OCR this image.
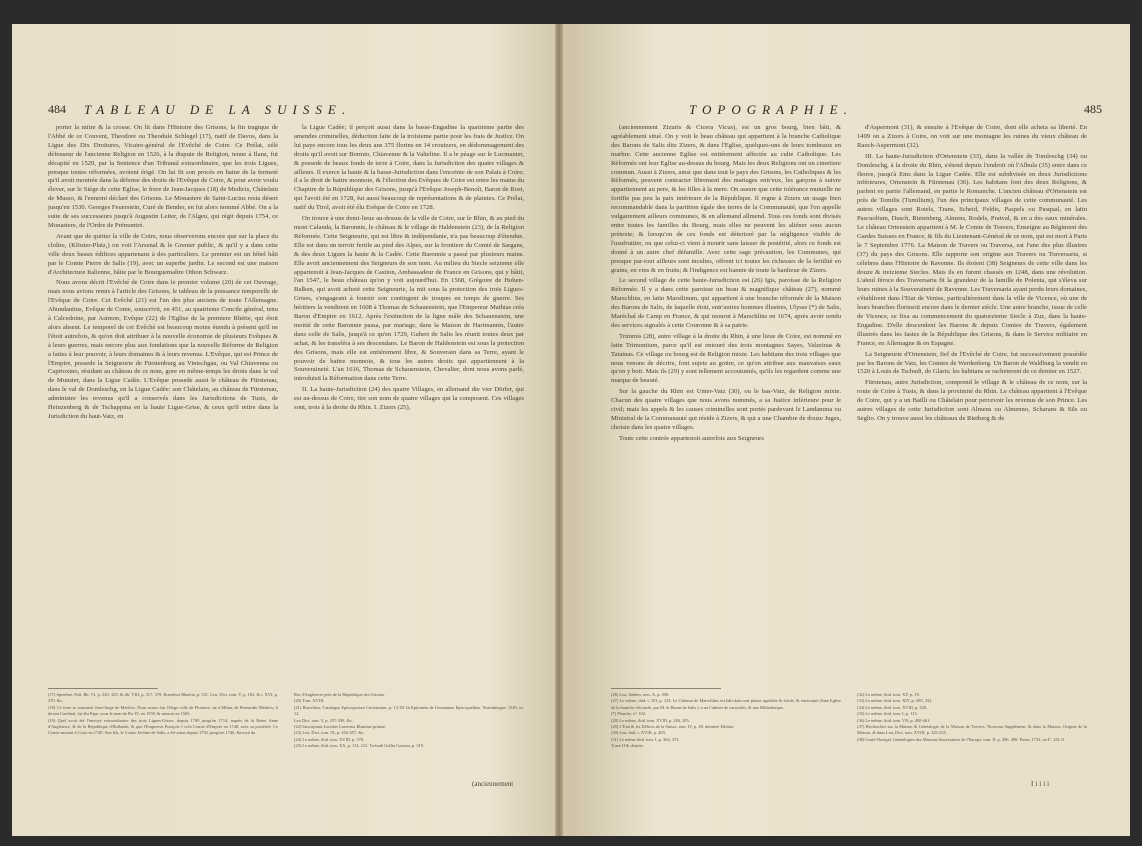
484 TABLEAU DE LA SUISSE.

porter la mitre & la crosse. On lit dans l'Histoire des Grisons, la fin tragique de l'Abbé de ce Couvent, Theodore ou Theodule Schlegel (17), natif de Davos, dans la Ligue des Dix Droitures, Vicaire-général de l'Evêché de Coire. Ce Prélat, zélé défenseur de l'ancienne Religion en 1526, à la dispute de Religion, tenue à Ilanz, fut décapité en 1529, par la Sentence d'un Tribunal extraordinaire, que les trois Ligues, presque toutes réformées, avoient érigé. On lui fit son procès en haine de la fermeté qu'il avoit montrée dans la défense des droits de l'Evêque de Coire, & pour avoir voulu élever, sur le Siége de cette Eglise, le frere de Jean-Jacques (18) de Medicis, Châtelain de Musso, & l'ennemi déclaré des Grisons. Le Monastere de Saint-Lucius resta désert jusqu'en 1530. Georges Feuerstein, Curé de Bender, en fut alors nommé Abbé. On a la suite de ses successeurs jusqu'à Augustin Leiter, de l'Algeu, qui régit depuis 1754, ce Monastere, de l'Ordre de Prémontré.

Avant que de quitter la ville de Coire, nous observerons encore que sur la place du cloître, (Klöster-Platz,) on voit l'Arsenal & le Grenier public, & qu'il y a dans cette ville deux beaux édifices appartenans à des particuliers. Le premier est un hôtel bâti par le Comte Pierre de Salis (19), avec un superbe jardin. Le second est une maison d'Architecture Italienne, bâtie par le Bourguemaître Othon Schwarz.

Nous avons décrit l'Evêché de Coire dans le premier volume (20) de cet Ouvrage, mais nous avions remis à l'article des Grisons, le tableau de la puissance temporelle de l'Evêque de Coire. Cet Evêché (21) est l'un des plus anciens de toute l'Allemagne. Abundantius, Evêque de Come, souscrivit, en 451, au quatrieme Concile général, tenu à Calcedoine, par Asimon, Evêque (22) de l'Eglise de la premiere Rhétie, qui étoit alors absent. Le temporel de cet Evêché est beaucoup moins étendu à présent qu'il ne l'étoit autrefois, & qu'on doit attribuer à la nouvelle économie de plusieurs Evêques & à leurs guerres, mais encore plus aux fondations que la nouvelle Réforme de Religion a faites à leur pouvoir, à leurs domaines & à leurs revenus. L'Evêque, qui est Prince de l'Empire, possede la Seigneurie de Fürstenburg au Vintschgau, ou Val Chiavenna ou Caprioxino, résidant au château de ce nom, gore en même-temps les droits dans le val de Munster, dans la Ligue Cadée. L'Evêque possede aussi le château de Fürstenau, dans le val de Domleschg, en la Ligue Cadée: son Châtelain, au château de Fürstenau, administre les revenus qu'il a conservés dans les Jurisdictions de Tusis, de Heinzenberg & de Tschappina en la haute Ligue-Grise, & ceux qu'il retire dans la Jurisdiction du haut-Vatz, en

la Ligue Cadée; il perçoit aussi dans la basse-Engadine la quatrieme partie des amendes criminelles, déduction faite de la troisieme partie pour les frais de Justice. On lui paye encore tous les deux ans 375 florins en 14 croutzers, en dédommagement des droits qu'il avoit sur Bormio, Chiavenne & la Valteline. Il a le péage sur le Lucmanier, & possede de beaux fonds de terre à Coire, dans la Jurisdiction des quatre villages & ailleurs. Il exerce la haute & la basse-Jurisdiction dans l'enceinte de son Palais à Coire; il a le droit de battre monnoie, & l'élection des Evêques de Coire est entre les mains du Chapitre de la République des Grisons, jusqu'à l'Evêque Joseph-Benoît, Baron de Rost, qui l'avoit été en 1728, fut aussi beaucoup de représentations & de plaintes. Ce Prélat, natif du Tirol, avoit été élu Evêque de Coire en 1728.

On trouve à une demi-lieue au-dessus de la ville de Coire, sur le Rhin, & au pied du mont Calanda, la Baronnie, le château & le village de Haldenstein (23), de la Religion Réformée. Cette Seigneurie, qui est libre & indépendante, n'a pas beaucoup d'étendue. Elle est dans un terroir fertile au pied des Alpes, sur la frontiere du Comté de Sargans, & des deux Ligues la haute & la Cadée. Cette Baronnie a passé par plusieurs mains. Elle avoit anciennement des Seigneurs de son nom. Au milieu du Siecle seizieme elle appartenoit à Jean-Jacques de Castion, Ambassadeur de France en Grisons, qui y bâtit, l'an 1547, le beau château qu'on y voit aujourd'hui. En 1568, Grégoire de Hohen-Balken, qui avoit acheté cette Seigneurie, la mit sous la protection des trois Ligues-Grises, s'engageant à fournir son contingent de troupes en temps de guerre. Ses héritiers la vendirent en 1608 à Thomas de Schauenstein, que l'Empereur Mathias créa Baron d'Empire en 1612. Après l'extinction de la ligne mâle des Schauenstein, une moitié de cette Baronnie passa, par mariage, dans la Maison de Hartmannis, l'autre dans celle de Salis, jusqu'à ce qu'en 1729, Gubert de Salis les réunit toutes deux par achat, & les transféra à ses descendans. Le Baron de Haldenstein est sous la protection des Grisons, mais elle est entiérement libre, & Souverain dans sa Terre, ayant le pouvoir de battre monnoie, & tous les autres droits qui appartiennent à la Souveraineté. L'an 1616, Thomas de Schauenstein, Chevalier, dont nous avons parlé, introduisit la Réformation dans cette Terre.

II. La haute-Jurisdiction (24) des quatre Villages, en allemand die vier Dörfer, qui est au-dessus de Coire, tire son nom de quatre villages qui la composent. Ces villages sont, trois à la droite du Rhin. I. Zizers (25),

(17) Spreeher, Pall. Rh. VI, p. 240, 325; & lib. VIII, p. 317, 378. Rosenboi Rhaetia, p. 331. Leu, Dict. tom. V, p. 183, & t. XVI, p. 370. &c.

(18) Ce frere se nommoit Jean-Ange de Medicis. Nous avons fait l'éloge celle de Florence, né à Milan, de Bernardin Medicis; il devint Cardinal, fut élu Pape, sous le nom de Pie IV, en 1559, & mourut en 1565.

(19) Quel avoit été l'envoyé extraordinaire des trois Ligues-Grises, depuis 1700 jusqu'en 1714, auprès de la Reine Anne d'Angleterre, & de la République d'Hollande, & que l'Empereur François I créa Comte d'Empire en 1748, avec sa postérité. Ce Comte mourut à Coire en 1749. Son fils, le Comte Jérôme de Salis, a été aussi depuis 1750, jusqu'en 1746, Envoyé du

Roi d'Angleterre près de la République des Grisons.

(20) Tom. XVIII.

(21) Bruschius, Catalogus Episcoporum Curiensium, p. 12-30. In Epitomen de Germaniae Episcopatibus. Norimbergae, 1549, in-12.

Leu Dict. tom. V, p. 257-298. &c.

(22) Suscriptum Lucidus Curiensis Rhaetiae primae.

(23) Leu, Dict. tom. IX, p. 452-457, &c.

(24) Le même, ibid. tom. XVIII, p. 370.

(25) Le même, ibid. tom. XX, p. 114, 213. Tschudi Gallia Comata, p. 319.

(anciennement
TOPOGRAPHIE.	485

(anciennement Zizuris & Cicera Vicus), est un gros bourg, bien bâti, & agréablement situé. On y voit le beau château qui appartient à la branche Catholique des Barons de Salis dits Zizers, & dans l'Eglise, quelques-uns de leurs tombeaux en marbre. Cette ancienne Eglise est entiérement affectée au culte Catholique. Les Réformés ont leur Eglise au-dessus du bourg. Mais les deux Religions ont un cimetiere commun. Aussi à Zizers, ainsi que dans tout le pays des Grisons, les Catholiques & les Réformés, peuvent contracter librement des mariages entr'eux, les garçons à suivre appartiennent au pere, & les filles à la mere. On assure que cette tolérance mutuelle ne fortifie pas peu la paix intérieure de la République. Il regne à Zizers un usage bien recommandable dans la partition égale des terres de la Communauté, que l'on appelle vulgairement ailleurs communes, & en allemand allmend. Tous ces fonds sont divisés entre toutes les familles du Bourg, mais elles ne peuvent les aliéner sous aucun prétexte; & lorsqu'on de ces fonds est déterioré par la négligence visible de l'usufruitier, ou que celui-ci vient à mourir sans laisser de postérité, alors ce fonds est donné à un autre chef défamille. Avec cette sage précaution, les Communes, qui presque par-tout ailleurs sont incultes, offrent ici toutes les richesses de la fertilité en grains, en vins & en fruits; & l'indigence est bannie de toute la banlieue de Zizers.

Le second village de cette haute-Jurisdiction est (26) Igis, paroisse de la Religion Réformée. Il y a dans cette paroisse un beau & magnifique château (27), nommé Marschlins, en latin Marsilinum, qui appartient à une branche réformée de la Maison des Barons de Salis, de laquelle étoit, entr'autres hommes illustres, Ulysse (*) de Salis, Maréchal de Camp en France, & qui mourut à Marschlins en 1674, après avoir rendu des services signalés à cette Couronne & à sa patrie.

Trimmis (28), autre village à la droite du Rhin, à une lieue de Coire, est nommé en latin Trimontium, parce qu'il est entouré des trois montagnes Sayes, Valzeinas & Tatainas. Ce village ou bourg est de Religion mixte. Les habitans des trois villages que nous venons de décrire, font sujets au goitre, ce qu'on attribue aux mauvaises eaux qu'on y boit. Mais ils (29) y sont tellement accoutumés, qu'ils les regardent comme une marque de beauté.

Sur la gauche du Rhin est Unter-Vatz (30), ou le bas-Vatz, de Religion mixte. Chacun des quatre villages que nous avons nommés, a sa Justice inférieure pour le civil; mais les appels & les causes criminelles sont portés pardevant le Landamma ou Ministral de la Communauté qui réside à Zizers, & qui a une Chambre de douze Juges, choisie dans les quatre villages.

Toute cette contrée appartenoit autrefois aux Seigneurs

d'Aspermont (31), & ensuite à l'Evêque de Coire, dont elle acheta sa liberté. En 1499 on a Zizers à Coire, on voit sur une montagne les ruines du vieux château de Rauch-Aspermont (32).

III. La haute-Jurisdiction d'Ortenstein (33), dans la vallée de Tomleschg (34) ou Domleschg, à la droite du Rhin, s'étend depuis l'endroit où l'Albula (35) entre dans ce fleuve, jusqu'à Ems dans la Ligue Cadée. Elle est subdivisée en deux Jurisdictions inférieures, Ortenstein & Fürstenau (36). Les habitans font des deux Religions, & parlent en partie l'allemand, en partie le Romanche. L'ancien château d'Ortenstein est près de Tomilis (Tumilium), l'un des principaux villages de cette communauté. Les autres villages sont Rotels, Trans, Scheid, Feldis, Paspels ou Pasqual, en latin Pascuolium, Dusch, Rietenberg, Almens, Rodels, Pratval, & en a des eaux minérales. Le château Ortenstein appartient à M. le Comte de Travers, Enseigne au Régiment des Gardes Suisses en France, & fils du Lieutenant-Général de ce nom, qui est mort à Paris le 7 Septembre 1776. La Maison de Travers ou Traversa, est l'une des plus illustres (37) du pays des Grisons. Elle rapporte son origine aux Travers ou Traversaria, si célebres dans l'Histoire de Ravenne. Ils étoient (38) Seigneurs de cette ville dans les douze & treizieme Siecles. Mais ils en furent chassés en 1248, dans une révolution. L'aïeul féroce des Traversaria fit la grandeur de la famille de Polenta, qui s'éleva sur leurs ruines à la Souveraineté de Ravenne. Les Traversaria ayant perdu leurs domaines, s'établirent dans l'Etat de Venise, particuliérement dans la ville de Vicence, où une de leurs branches florissoit encore dans le dernier siécle. Une autre branche, issue de celle de Vicence, se fixa au commencement du quatorzieme Siecle à Zuz, dans la haute-Engadine. D'elle descendent les Barons & depuis Comtes de Travers, également illustrés dans les fastes de la République des Grisons, & dans le Service militaire en France, en Allemagne & en Espagne.

La Seigneurie d'Ortenstein, fief de l'Evêché de Coire, fut successivement possédée par les Barons de Vatz, les Comtes de Werdenberg. Un Baron de Waldburg la vendit en 1520 à Louis de Tschudi, de Glaris; les habitans se racheterent de ce dernier en 1527.

Fürstenau, autre Jurisdiction, comprend le village & le château de ce nom, sur la route de Coire à Tusis, & dans la proximité du Rhin. Le château appartient à l'Evêque de Coire, qui y a un Bailli ou Châtelain pour percevoir les revenus de son Prince. Les autres villages de cette Jurisdiction sont Almens ou Almenno, Scharans & Sils ou Seglio. On y trouve aussi les châteaux de Rietberg & de

(26) Leu, ibidem, tom. X, p. 390.

(27) Le même, ibid. t. XII, p. 123. Le Château de Marschlins est bâti dans une plaine agréable & fertile, & environné d'une Eglise de la branche réformée, par M. le Baron de Salis y a un Cabinet de curiosités, & une Bibliotheque.

(*) Planche, n° 102.

(28) Le même, ibid. tom. XVIII, p. 284, 285.

(29) L'Etat & les Délices de la Suisse, tom. IV, p. 48, derniere Edition.

(30) Leu, ibid. t. XVIII, p. 403.

(31) Le même ibid. tom. I, p. 364, 372.

Tome II & dernier.

(32) Le même, ibid. tom. XV, p. 19.

(33) Le même, ibid. tom. XIV, p. 300, 332.

(34) Le même, ibid. tom. XVIII, p. 320.

(35) Le même, ibid. tom. I, p. 113.

(36) Le même, ibid. tom. VII, p. 400-461.

(37) Recherches sur la Maison & Généalogie de la Maison de Travers, Nouveau Supplément, & dans la Maison, Origine de la Maison, & dans Leu, Dict. tom. XVIII, p. 225-235.

(38) Grafe-Navigal, Généalogies des Maisons Souveraines de l'Europe, tom. II, p. 496. 490. Pavia, 1732, in-4°, 201 ff.

Iiiii
